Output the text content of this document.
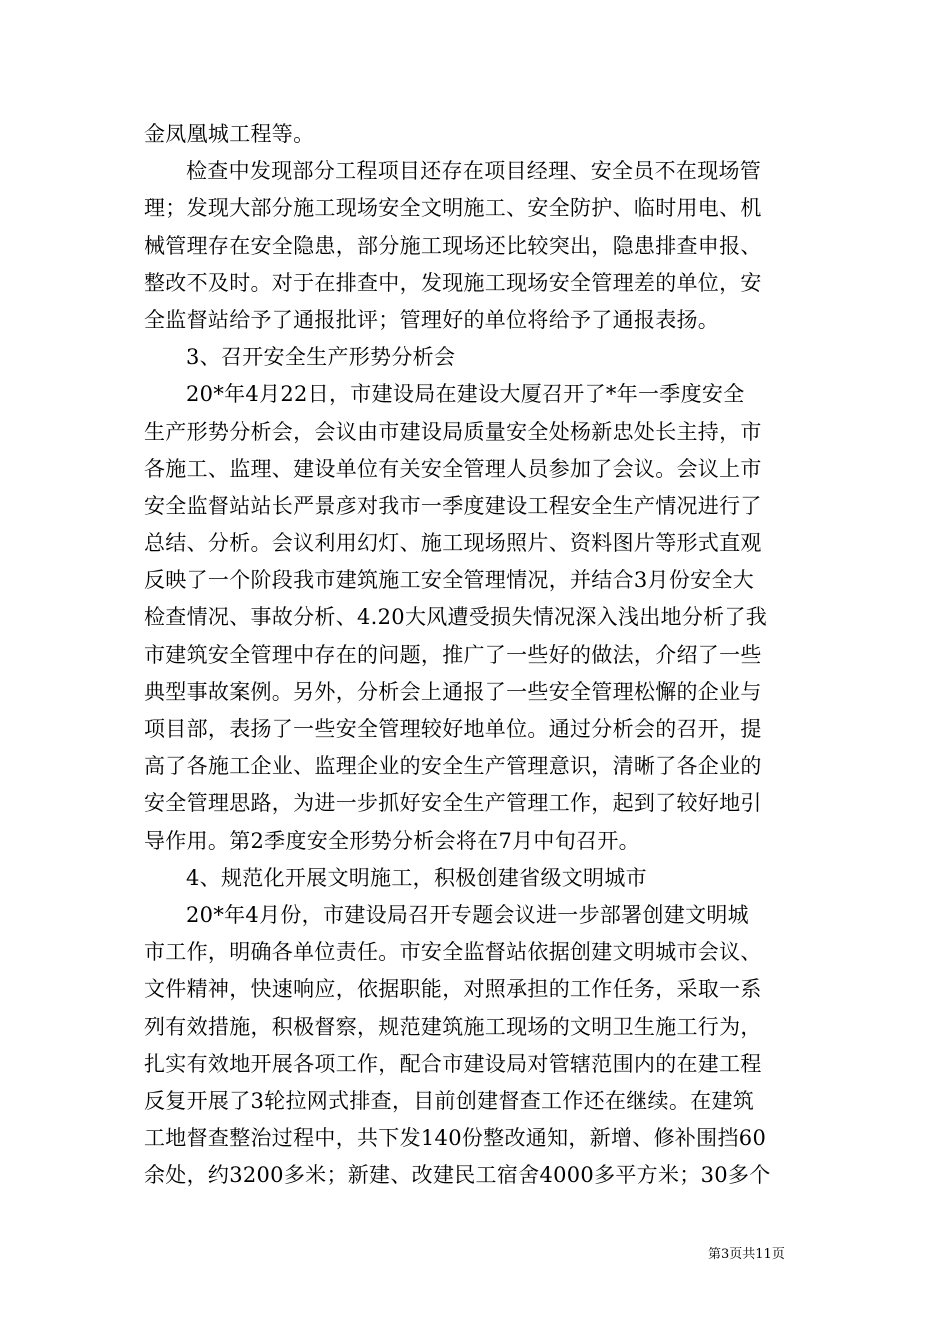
金凤凰城工程等。
检查中发现部分工程项目还存在项目经理、安全员不在现场管
理；发现大部分施工现场安全文明施工、安全防护、临时用电、机
械管理存在安全隐患，部分施工现场还比较突出，隐患排查申报、
整改不及时。对于在排查中，发现施工现场安全管理差的单位，安
全监督站给予了通报批评；管理好的单位将给予了通报表扬。
3、召开安全生产形势分析会
20*年4月22日，市建设局在建设大厦召开了*年一季度安全
生产形势分析会，会议由市建设局质量安全处杨新忠处长主持，市
各施工、监理、建设单位有关安全管理人员参加了会议。会议上市
安全监督站站长严景彦对我市一季度建设工程安全生产情况进行了
总结、分析。会议利用幻灯、施工现场照片、资料图片等形式直观
反映了一个阶段我市建筑施工安全管理情况，并结合3月份安全大
检查情况、事故分析、4.20大风遭受损失情况深入浅出地分析了我
市建筑安全管理中存在的问题，推广了一些好的做法，介绍了一些
典型事故案例。另外，分析会上通报了一些安全管理松懈的企业与
项目部，表扬了一些安全管理较好地单位。通过分析会的召开，提
高了各施工企业、监理企业的安全生产管理意识，清晰了各企业的
安全管理思路，为进一步抓好安全生产管理工作，起到了较好地引
导作用。第2季度安全形势分析会将在7月中旬召开。
4、规范化开展文明施工，积极创建省级文明城市
20*年4月份，市建设局召开专题会议进一步部署创建文明城
市工作，明确各单位责任。市安全监督站依据创建文明城市会议、
文件精神，快速响应，依据职能，对照承担的工作任务，采取一系
列有效措施，积极督察，规范建筑施工现场的文明卫生施工行为，
扎实有效地开展各项工作，配合市建设局对管辖范围内的在建工程
反复开展了3轮拉网式排查，目前创建督查工作还在继续。在建筑
工地督查整治过程中，共下发140份整改通知，新增、修补围挡60
余处，约3200多米；新建、改建民工宿舍4000多平方米；30多个
第3页共11页
